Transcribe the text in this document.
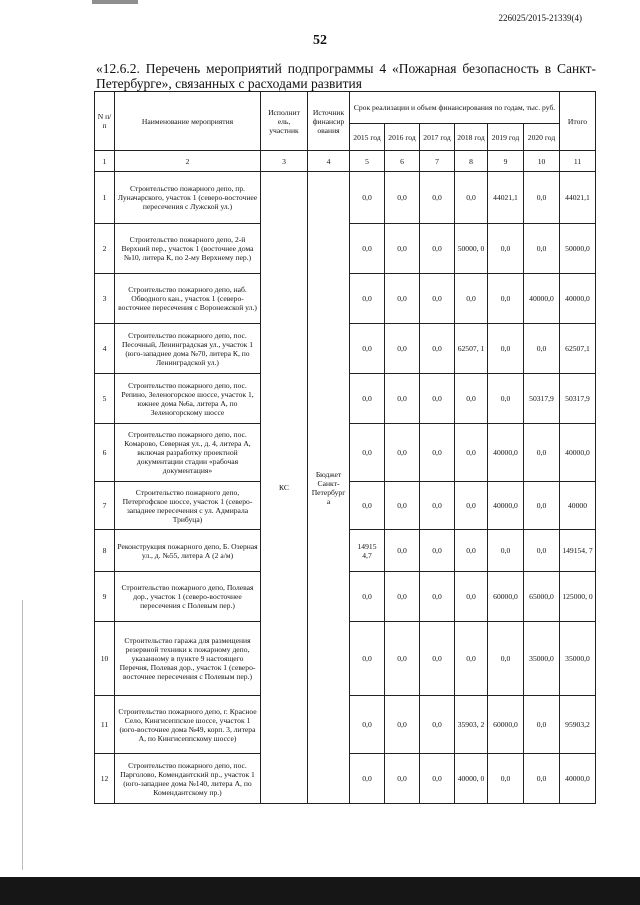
226025/2015-21339(4)
52
«12.6.2. Перечень мероприятий подпрограммы 4 «Пожарная безопасность в Санкт-Петербурге», связанных с расходами развития
N п/ п	Наименование мероприятия	Исполнит ель, участник	Источник финансир ования	Срок реализации и объем финансирования по годам, тыс. руб.						Итого
				2015 год	2016 год	2017 год	2018 год	2019 год	2020 год	
1	2	3	4	5	6	7	8	9	10	11
1	Строительство пожарного депо, пр. Луначарского, участок 1 (северо-восточнее пересечения с Лужской ул.)	КС	Бюджет Санкт-Петербург а	0,0	0,0	0,0	0,0	44021,1	0,0	44021,1
2	Строительство пожарного депо, 2-й Верхний пер., участок 1 (восточнее дома №10, литера К, по 2-му Верхнему пер.)			0,0	0,0	0,0	50000, 0	0,0	0,0	50000,0
3	Строительство пожарного депо, наб. Обводного кан., участок 1 (северо-восточнее пересечения с Воронежской ул.)			0,0	0,0	0,0	0,0	0,0	40000,0	40000,0
4	Строительство пожарного депо, пос. Песочный, Ленинградская ул., участок 1 (юго-западнее дома №70, литера К, по Ленинградской ул.)			0,0	0,0	0,0	62507, 1	0,0	0,0	62507,1
5	Строительство пожарного депо, пос. Репино, Зеленогорское шоссе, участок 1, южнее дома №6а, литера А, по Зеленогорскому шоссе			0,0	0,0	0,0	0,0	0,0	50317,9	50317,9
6	Строительство пожарного депо, пос. Комарово, Северная ул., д. 4, литера А, включая разработку проектной документации стадии «рабочая документация»			0,0	0,0	0,0	0,0	40000,0	0,0	40000,0
7	Строительство пожарного депо, Петергофское шоссе, участок 1 (северо-западнее пересечения с ул. Адмирала Трибуца)			0,0	0,0	0,0	0,0	40000,0	0,0	40000
8	Реконструкция пожарного депо, Б. Озерная ул., д. №55, литера А (2 а/м)			14915 4,7	0,0	0,0	0,0	0,0	0,0	149154, 7
9	Строительство пожарного депо, Полевая дор., участок 1 (северо-восточнее пересечения с Полевым пер.)			0,0	0,0	0,0	0,0	60000,0	65000,0	125000, 0
10	Строительство гаража для размещения резервной техники к пожарному депо, указанному в пункте 9 настоящего Перечня, Полевая дор., участок 1 (северо-восточнее пересечения с Полевым пер.)			0,0	0,0	0,0	0,0	0,0	35000,0	35000,0
11	Строительство пожарного депо, г. Красное Село, Кингисеппское шоссе, участок 1 (юго-восточнее дома №49, корп. 3, литера А, по Кингисеппскому шоссе)			0,0	0,0	0,0	35903, 2	60000,0	0,0	95903,2
12	Строительство пожарного депо, пос. Парголово, Комендантский пр., участок 1 (юго-западнее дома №140, литера А, по Комендантскому пр.)			0,0	0,0	0,0	40000, 0	0,0	0,0	40000,0
